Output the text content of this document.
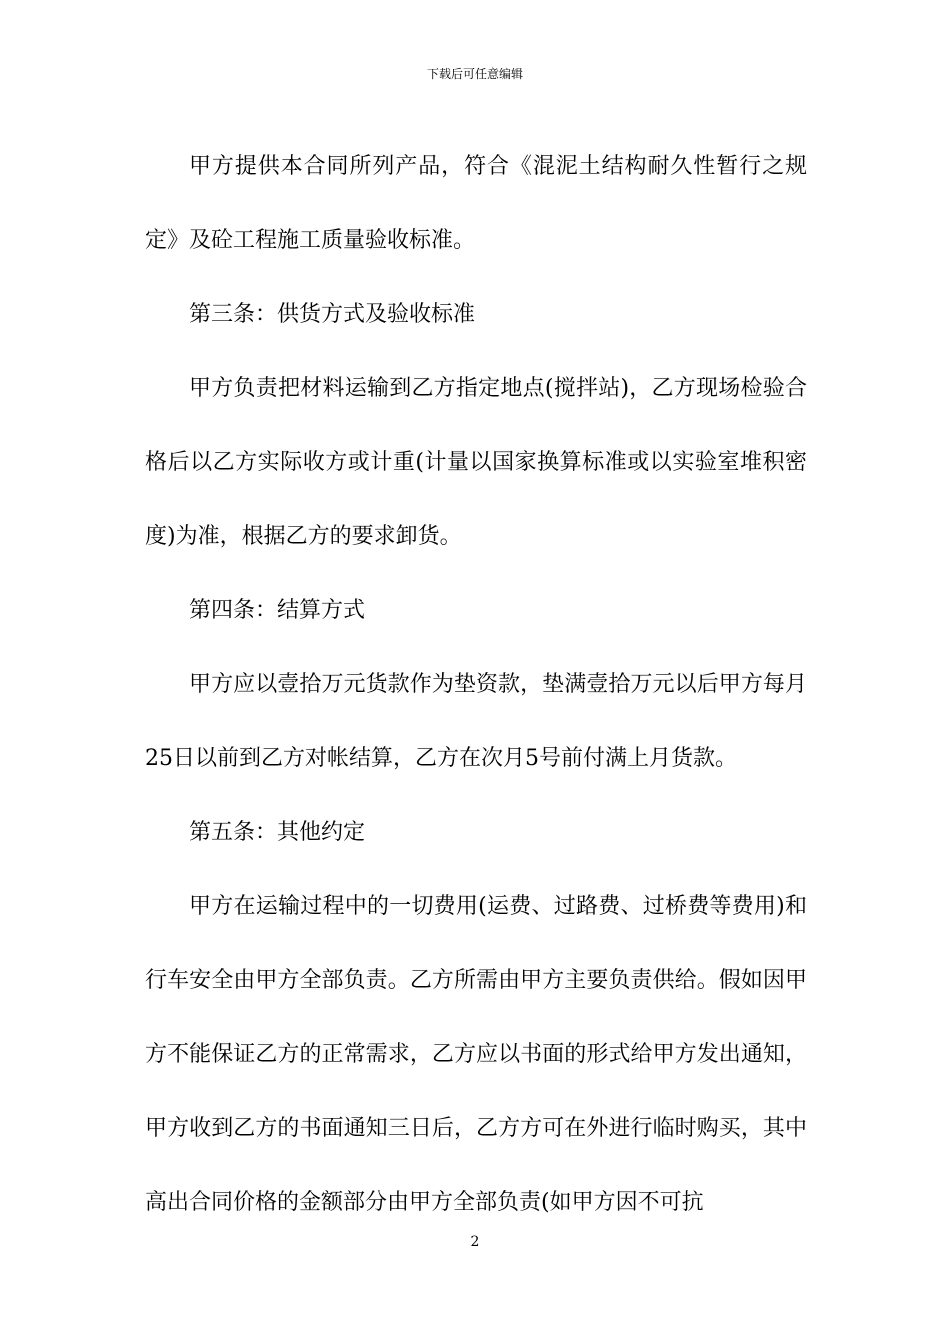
下载后可任意编辑

甲方提供本合同所列产品，符合《混泥土结构耐久性暂行之规定》及砼工程施工质量验收标准。

第三条：供货方式及验收标准

甲方负责把材料运输到乙方指定地点(搅拌站)，乙方现场检验合格后以乙方实际收方或计重(计量以国家换算标准或以实验室堆积密度)为准，根据乙方的要求卸货。

第四条：结算方式

甲方应以壹拾万元货款作为垫资款，垫满壹拾万元以后甲方每月25日以前到乙方对帐结算，乙方在次月5号前付满上月货款。

第五条：其他约定

甲方在运输过程中的一切费用(运费、过路费、过桥费等费用)和行车安全由甲方全部负责。乙方所需由甲方主要负责供给。假如因甲方不能保证乙方的正常需求，乙方应以书面的形式给甲方发出通知，甲方收到乙方的书面通知三日后，乙方方可在外进行临时购买，其中高出合同价格的金额部分由甲方全部负责(如甲方因不可抗

2
